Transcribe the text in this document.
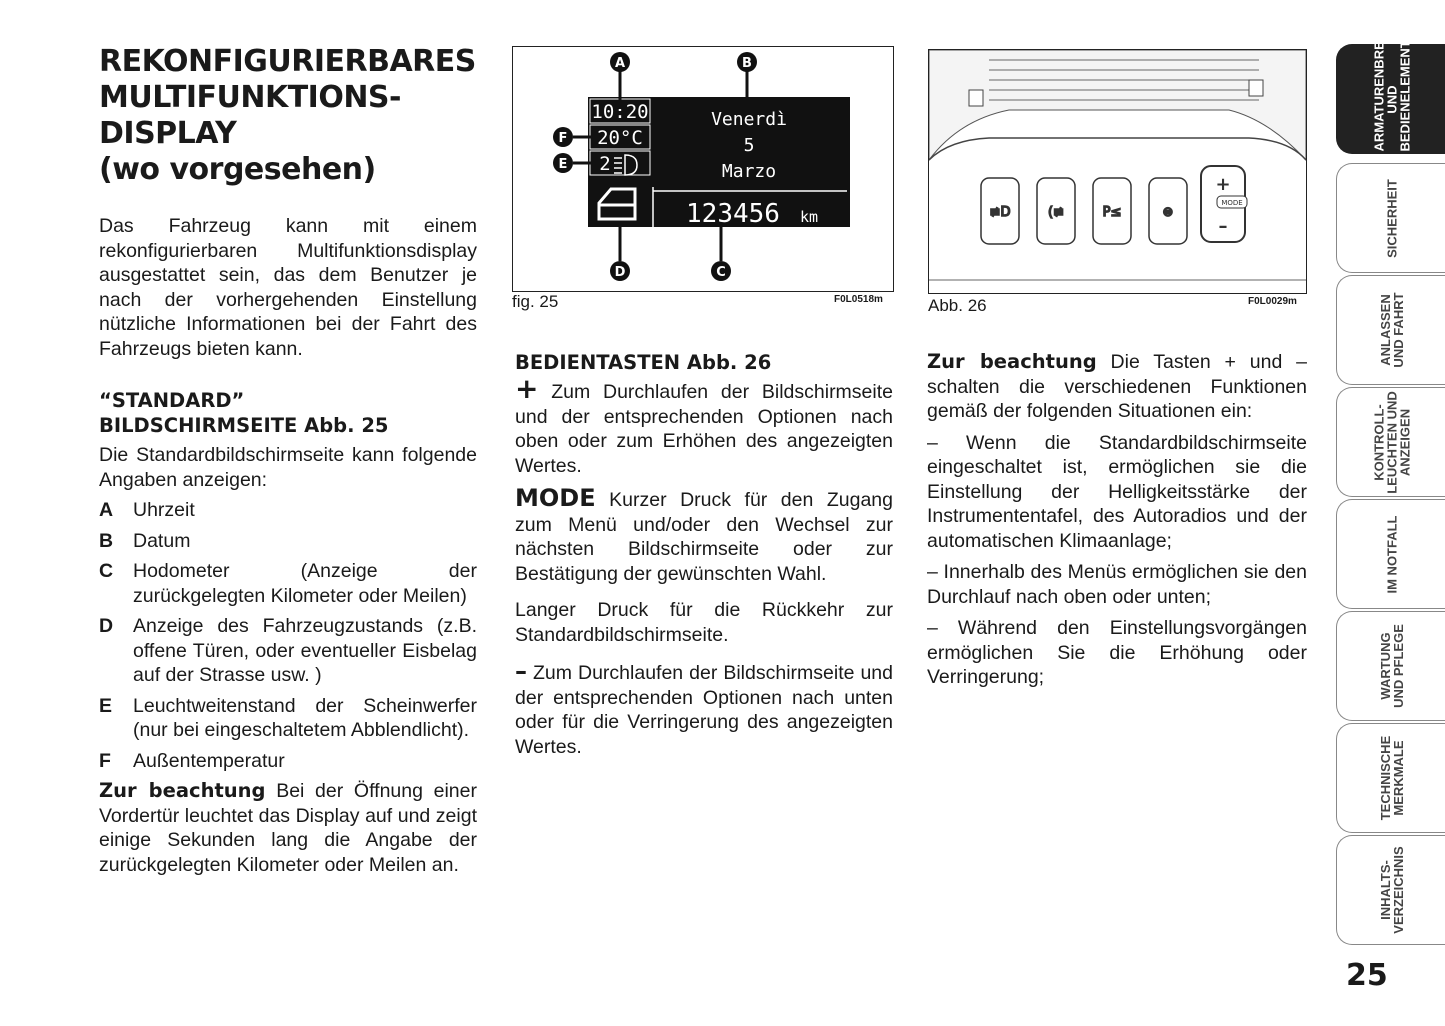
REKONFIGURIERBARES
MULTIFUNKTIONS-
DISPLAY
(wo vorgesehen)

Das Fahrzeug kann mit einem rekonfigurierbaren Multifunktionsdisplay ausgestattet sein, das dem Benutzer je nach der vorhergehenden Einstellung nützliche Informationen bei der Fahrt des Fahrzeugs bieten kann.

“STANDARD”
BILDSCHIRMSEITE Abb. 25

Die Standardbildschirmseite kann folgende Angaben anzeigen:

A	Uhrzeit
B	Datum
C	Hodometer (Anzeige der zurückgelegten Kilometer oder Meilen)
D	Anzeige des Fahrzeugzustands (z.B. offene Türen, oder eventueller Eisbelag auf der Strasse usw. )
E	Leuchtweitenstand der Scheinwerfer (nur bei eingeschaltetem Abblendlicht).
F	Außentemperatur

Zur beachtung Bei der Öffnung einer Vordertür leuchtet das Display auf und zeigt einige Sekunden lang die Angabe der zurückgelegten Kilometer oder Meilen an.

10:20
20°C
2
Venerdì
5
Marzo
123456 km
A	B
C
D
E
F
fig. 25	F0L0518m
≢D	(≢	P≤	⊜
+
MODE
–
Abb. 26	F0L0029m
BEDIENTASTEN Abb. 26

+ Zum Durchlaufen der Bildschirmseite und der entsprechenden Optionen nach oben oder zum Erhöhen des angezeigten Wertes.

MODE Kurzer Druck für den Zugang zum Menü und/oder den Wechsel zur nächsten Bildschirmseite oder zur Bestätigung der gewünschten Wahl.

Langer Druck für die Rückkehr zur Standardbildschirmseite.

– Zum Durchlaufen der Bildschirmseite und der entsprechenden Optionen nach unten oder für die Verringerung des angezeigten Wertes.

Zur beachtung Die Tasten + und – schalten die verschiedenen Funktionen gemäß der folgenden Situationen ein:

– Wenn die Standardbildschirmseite eingeschaltet ist, ermöglichen sie die Einstellung der Helligkeitsstärke der Instrumententafel, des Autoradios und der automatischen Klimaanlage;

– Innerhalb des Menüs ermöglichen sie den Durchlauf nach oben oder unten;

– Während den Einstellungsvorgängen ermöglichen Sie die Erhöhung oder Verringerung;

ARMATURENBRETT
UND
BEDIENELEMENTE
SICHERHEIT
ANLASSEN
UND FAHRT
KONTROLL-
LEUCHTEN UND
ANZEIGEN
IM NOTFALL
WARTUNG
UND PFLEGE
TECHNISCHE
MERKMALE
INHALTS-
VERZEICHNIS
25
